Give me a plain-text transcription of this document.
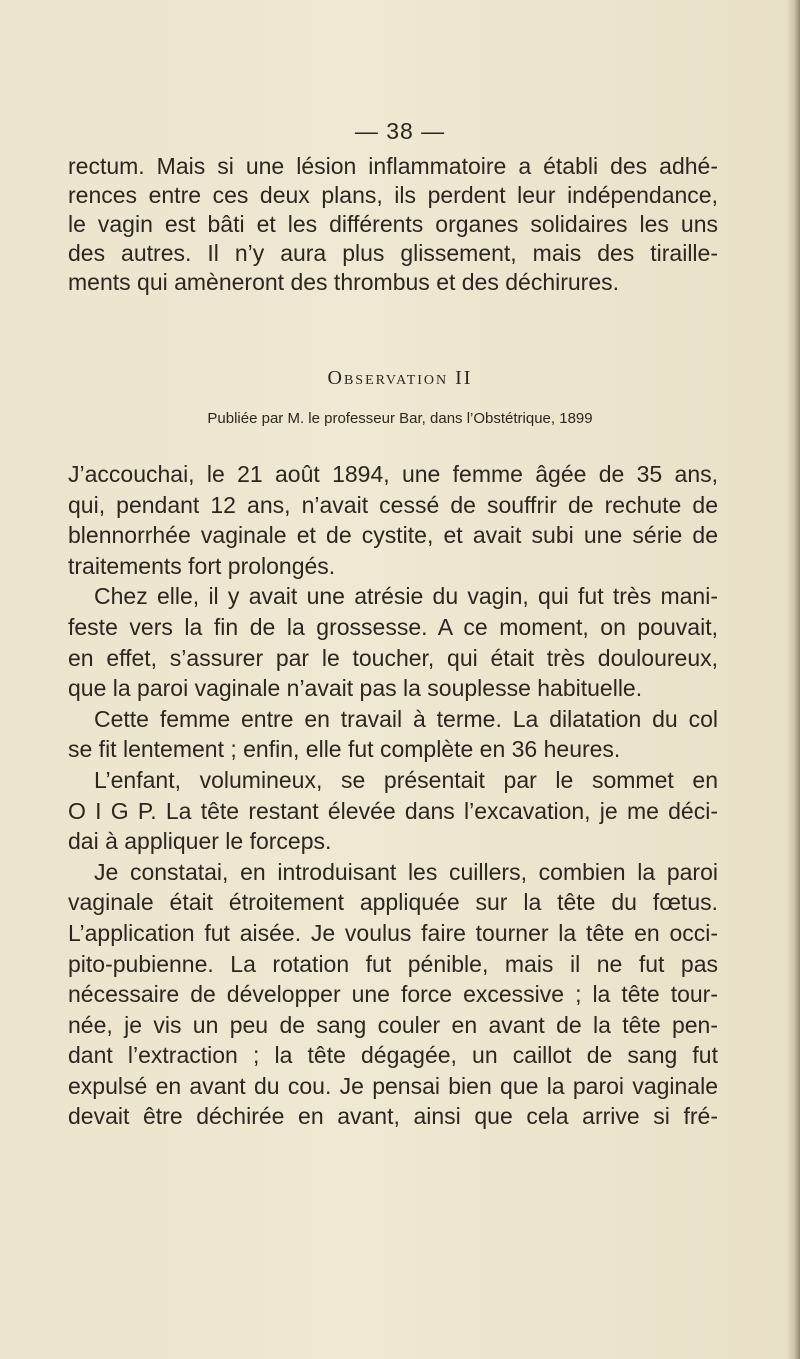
— 38 —
rectum. Mais si une lésion inflammatoire a établi des adhé-
rences entre ces deux plans, ils perdent leur indépendance,
le vagin est bâti et les différents organes solidaires les uns
des autres. Il n’y aura plus glissement, mais des tiraille-
ments qui amèneront des thrombus et des déchirures.
Observation II
Publiée par M. le professeur Bar, dans l’Obstétrique, 1899
J’accouchai, le 21 août 1894, une femme âgée de 35 ans,
qui, pendant 12 ans, n’avait cessé de souffrir de rechute de
blennorrhée vaginale et de cystite, et avait subi une série de
traitements fort prolongés.
Chez elle, il y avait une atrésie du vagin, qui fut très mani-
feste vers la fin de la grossesse. A ce moment, on pouvait,
en effet, s’assurer par le toucher, qui était très douloureux,
que la paroi vaginale n’avait pas la souplesse habituelle.
Cette femme entre en travail à terme. La dilatation du col
se fit lentement ; enfin, elle fut complète en 36 heures.
L’enfant, volumineux, se présentait par le sommet en
O I G P. La tête restant élevée dans l’excavation, je me déci-
dai à appliquer le forceps.
Je constatai, en introduisant les cuillers, combien la paroi
vaginale était étroitement appliquée sur la tête du fœtus.
L’application fut aisée. Je voulus faire tourner la tête en occi-
pito-pubienne. La rotation fut pénible, mais il ne fut pas
nécessaire de développer une force excessive ; la tête tour-
née, je vis un peu de sang couler en avant de la tête pen-
dant l’extraction ; la tête dégagée, un caillot de sang fut
expulsé en avant du cou. Je pensai bien que la paroi vaginale
devait être déchirée en avant, ainsi que cela arrive si fré-
